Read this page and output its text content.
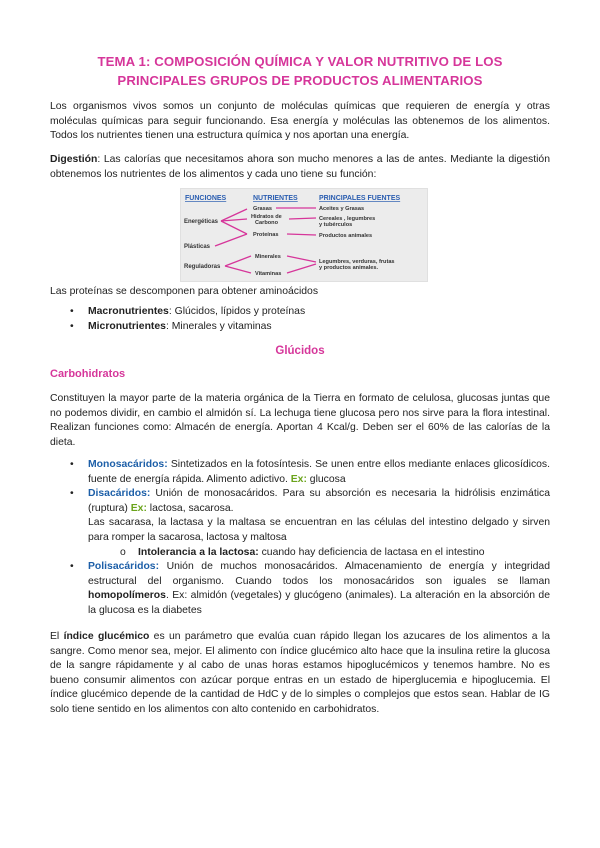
TEMA 1: COMPOSICIÓN QUÍMICA Y VALOR NUTRITIVO DE LOS
PRINCIPALES GRUPOS DE PRODUCTOS ALIMENTARIOS

Los organismos vivos somos un conjunto de moléculas químicas que requieren de energía y otras moléculas químicas para seguir funcionando. Esa energía y moléculas las obtenemos de los alimentos. Todos los nutrientes tienen una estructura química y nos aportan una energía.

Digestión: Las calorías que necesitamos ahora son mucho menores a las de antes. Mediante la digestión obtenemos los nutrientes de los alimentos y cada uno tiene su función:

FUNCIONES	NUTRIENTES	PRINCIPALES FUENTES
Energéticas
Plásticas
Reguladoras
Grasas
Hidratos de
Carbono
Proteínas
Minerales
Vitaminas
Aceites y Grasas
Cereales , legumbres
y tubérculos
Productos animales
Legumbres, verduras, frutas
y productos animales.

Las proteínas se descomponen para obtener aminoácidos

• Macronutrientes: Glúcidos, lípidos y proteínas
• Micronutrientes: Minerales y vitaminas
Glúcidos
Carbohidratos

Constituyen la mayor parte de la materia orgánica de la Tierra en formato de celulosa, glucosas juntas que no podemos dividir, en cambio el almidón sí. La lechuga tiene glucosa pero nos sirve para la flora intestinal. Realizan funciones como: Almacén de energía. Aportan 4 Kcal/g. Deben ser el 60% de las calorías de la dieta.

• Monosacáridos: Sintetizados en la fotosíntesis. Se unen entre ellos mediante enlaces glicosídicos. fuente de energía rápida. Alimento adictivo. Ex: glucosa
• Disacáridos: Unión de monosacáridos. Para su absorción es necesaria la hidrólisis enzimática (ruptura) Ex: lactosa, sacarosa.
Las sacarasa, la lactasa y la maltasa se encuentran en las células del intestino delgado y sirven para romper la sacarosa, lactosa y maltosa
o Intolerancia a la lactosa: cuando hay deficiencia de lactasa en el intestino
• Polisacáridos: Unión de muchos monosacáridos. Almacenamiento de energía y integridad estructural del organismo. Cuando todos los monosacáridos son iguales se llaman homopolímeros. Ex: almidón (vegetales) y glucógeno (animales). La alteración en la absorción de la glucosa es la diabetes

El índice glucémico es un parámetro que evalúa cuan rápido llegan los azucares de los alimentos a la sangre. Como menor sea, mejor. El alimento con índice glucémico alto hace que la insulina retire la glucosa de la sangre rápidamente y al cabo de unas horas estamos hipoglucémicos y tenemos hambre. No es bueno consumir alimentos con azúcar porque entras en un estado de hiperglucemia e hipoglucemia. El índice glucémico depende de la cantidad de HdC y de lo simples o complejos que estos sean. Hablar de IG solo tiene sentido en los alimentos con alto contenido en carbohidratos.
